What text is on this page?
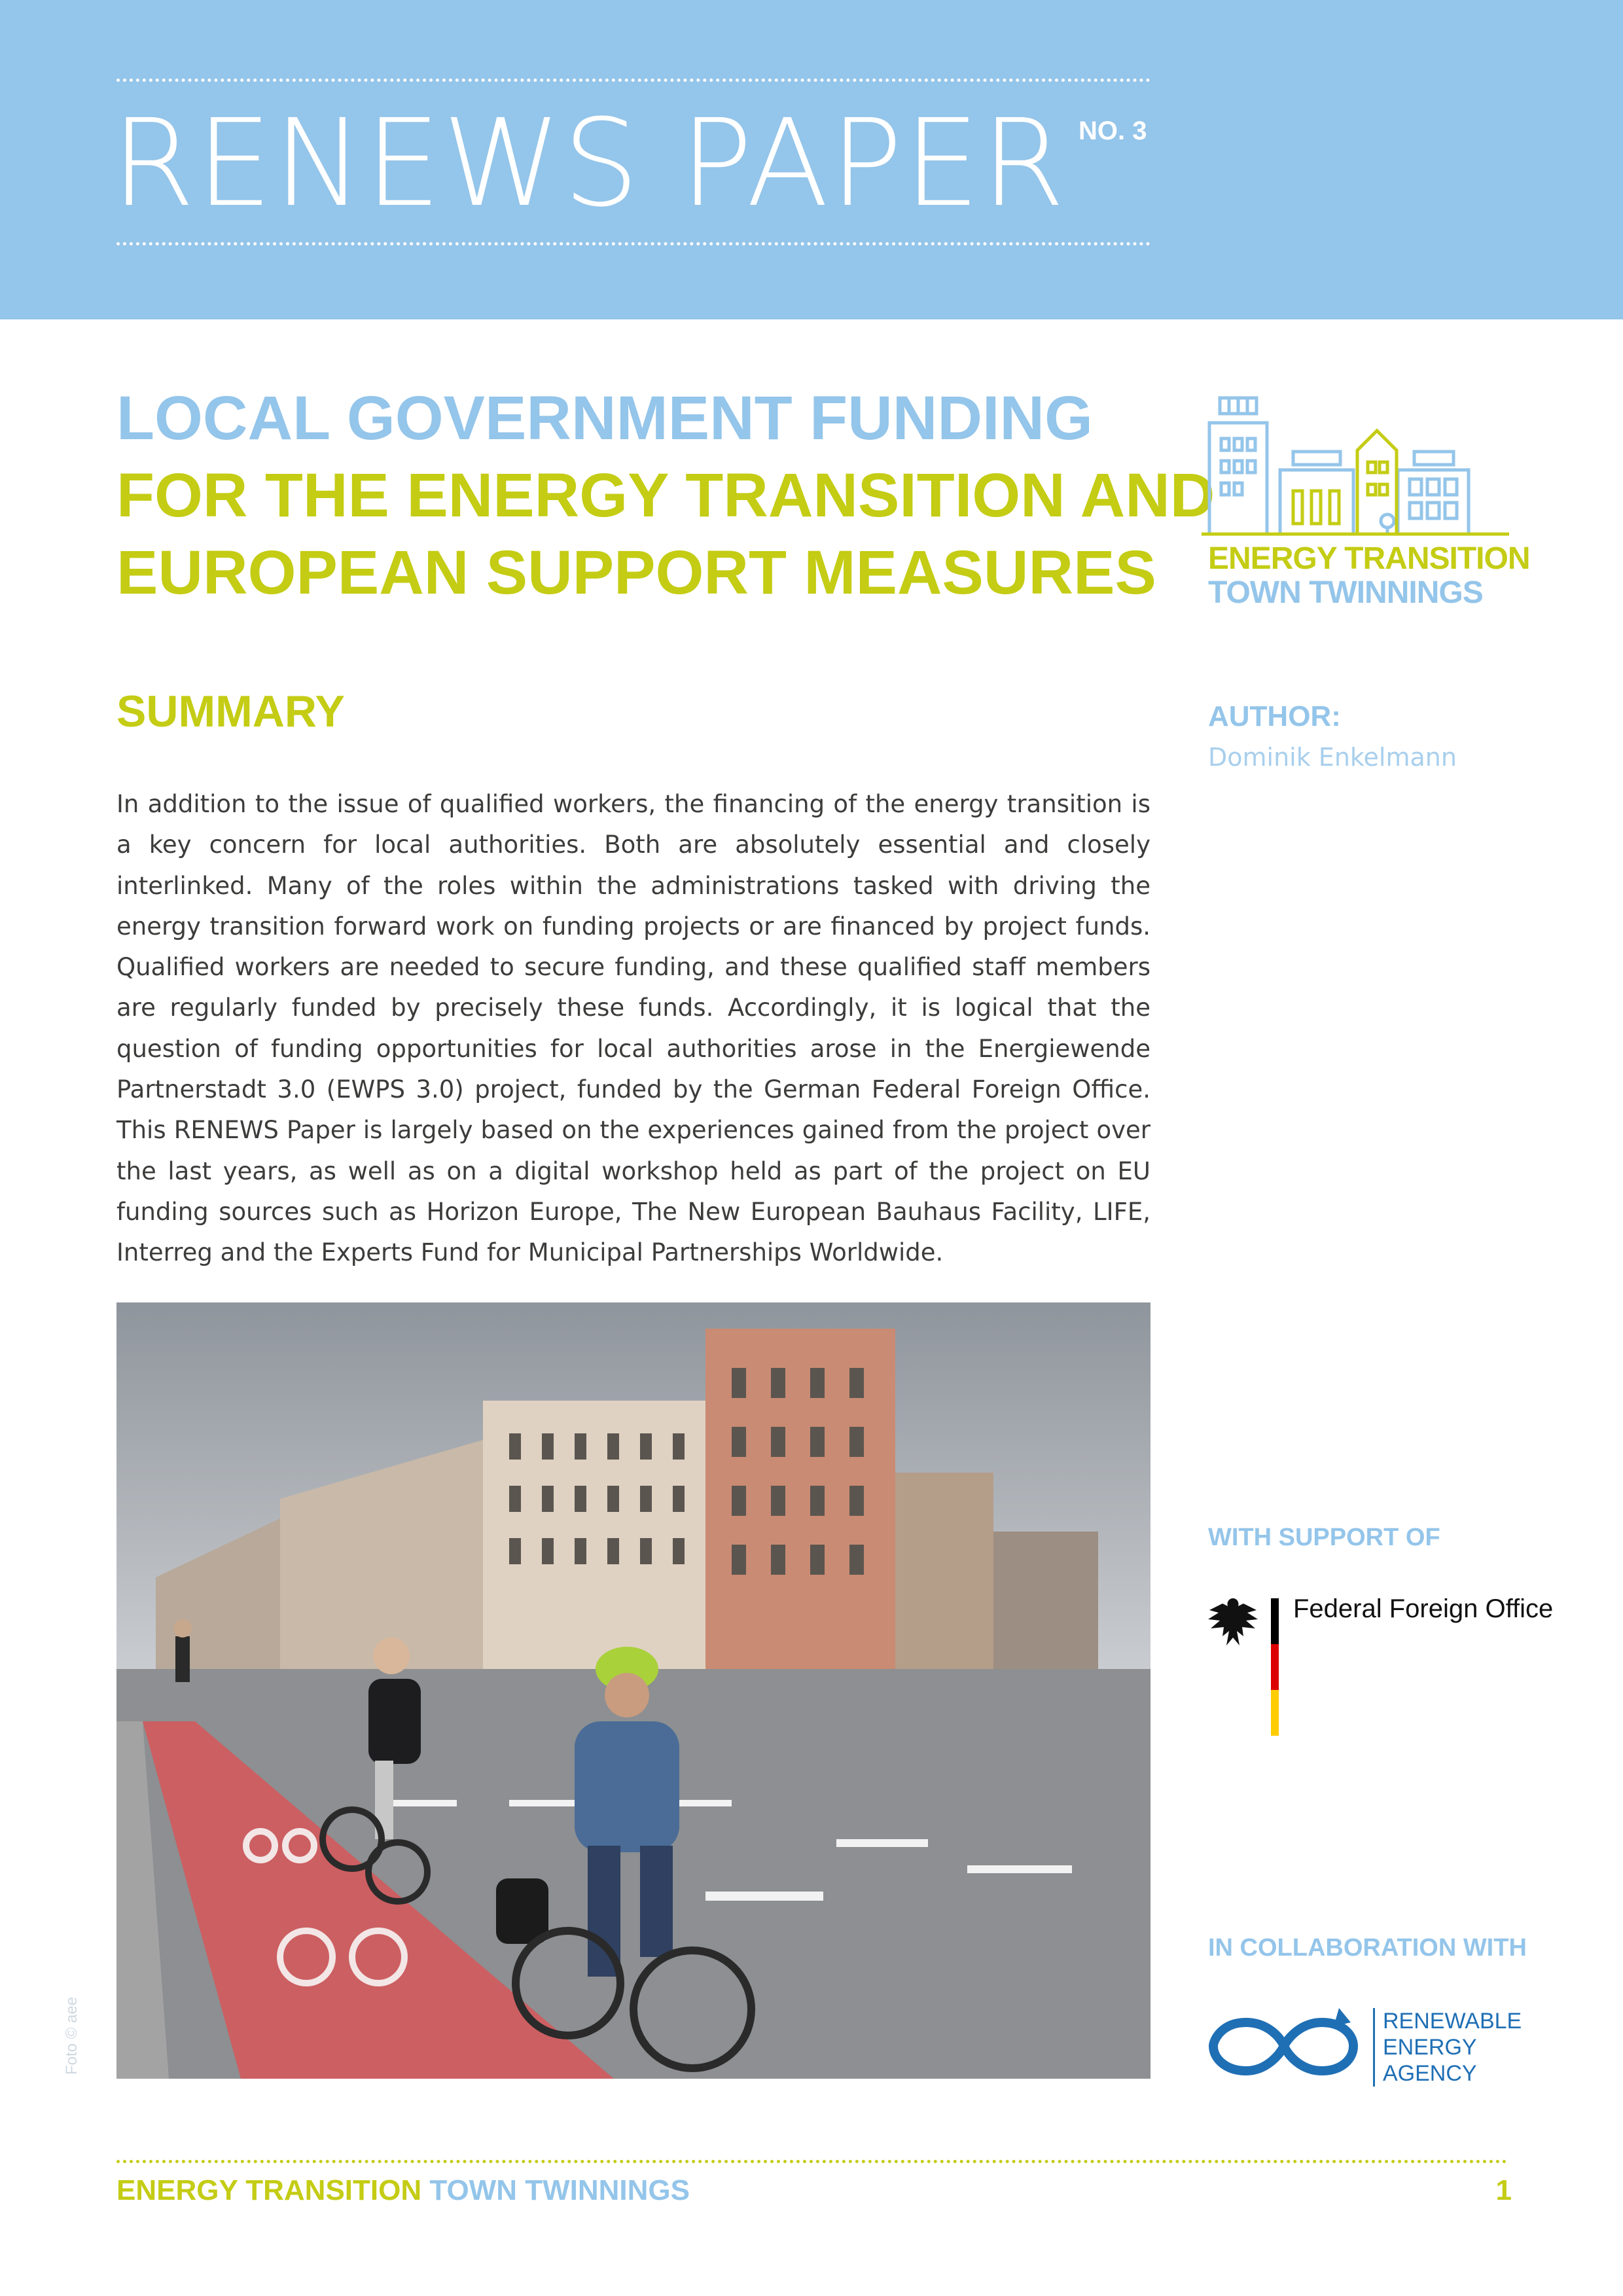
RENEWS PAPER NO. 3
LOCAL GOVERNMENT FUNDING
FOR THE ENERGY TRANSITION AND
EUROPEAN SUPPORT MEASURES
SUMMARY

In addition to the issue of qualified workers, the financing of the energy transition is a key concern for local authorities. Both are absolutely essential and closely interlinked. Many of the roles within the administrations tasked with driving the energy transition forward work on funding projects or are financed by project funds. Qualified workers are needed to secure funding, and these qualified staff members are regularly funded by precisely these funds. Accordingly, it is logical that the question of funding opportunities for local authorities arose in the Energiewende Partnerstadt 3.0 (EWPS 3.0) project, funded by the German Federal Foreign Office. This RENEWS Paper is largely based on the experiences gained from the project over the last years, as well as on a digital workshop held as part of the project on EU funding sources such as Horizon Europe, The New European Bauhaus Facility, LIFE, Interreg and the Experts Fund for Municipal Partnerships Worldwide.

Foto © aee
ENERGY TRANSITION
TOWN TWINNINGS
AUTHOR:
Dominik Enkelmann
WITH SUPPORT OF
Federal Foreign Office
IN COLLABORATION WITH
RENEWABLE
ENERGY
AGENCY
ENERGY TRANSITION TOWN TWINNINGS	1
